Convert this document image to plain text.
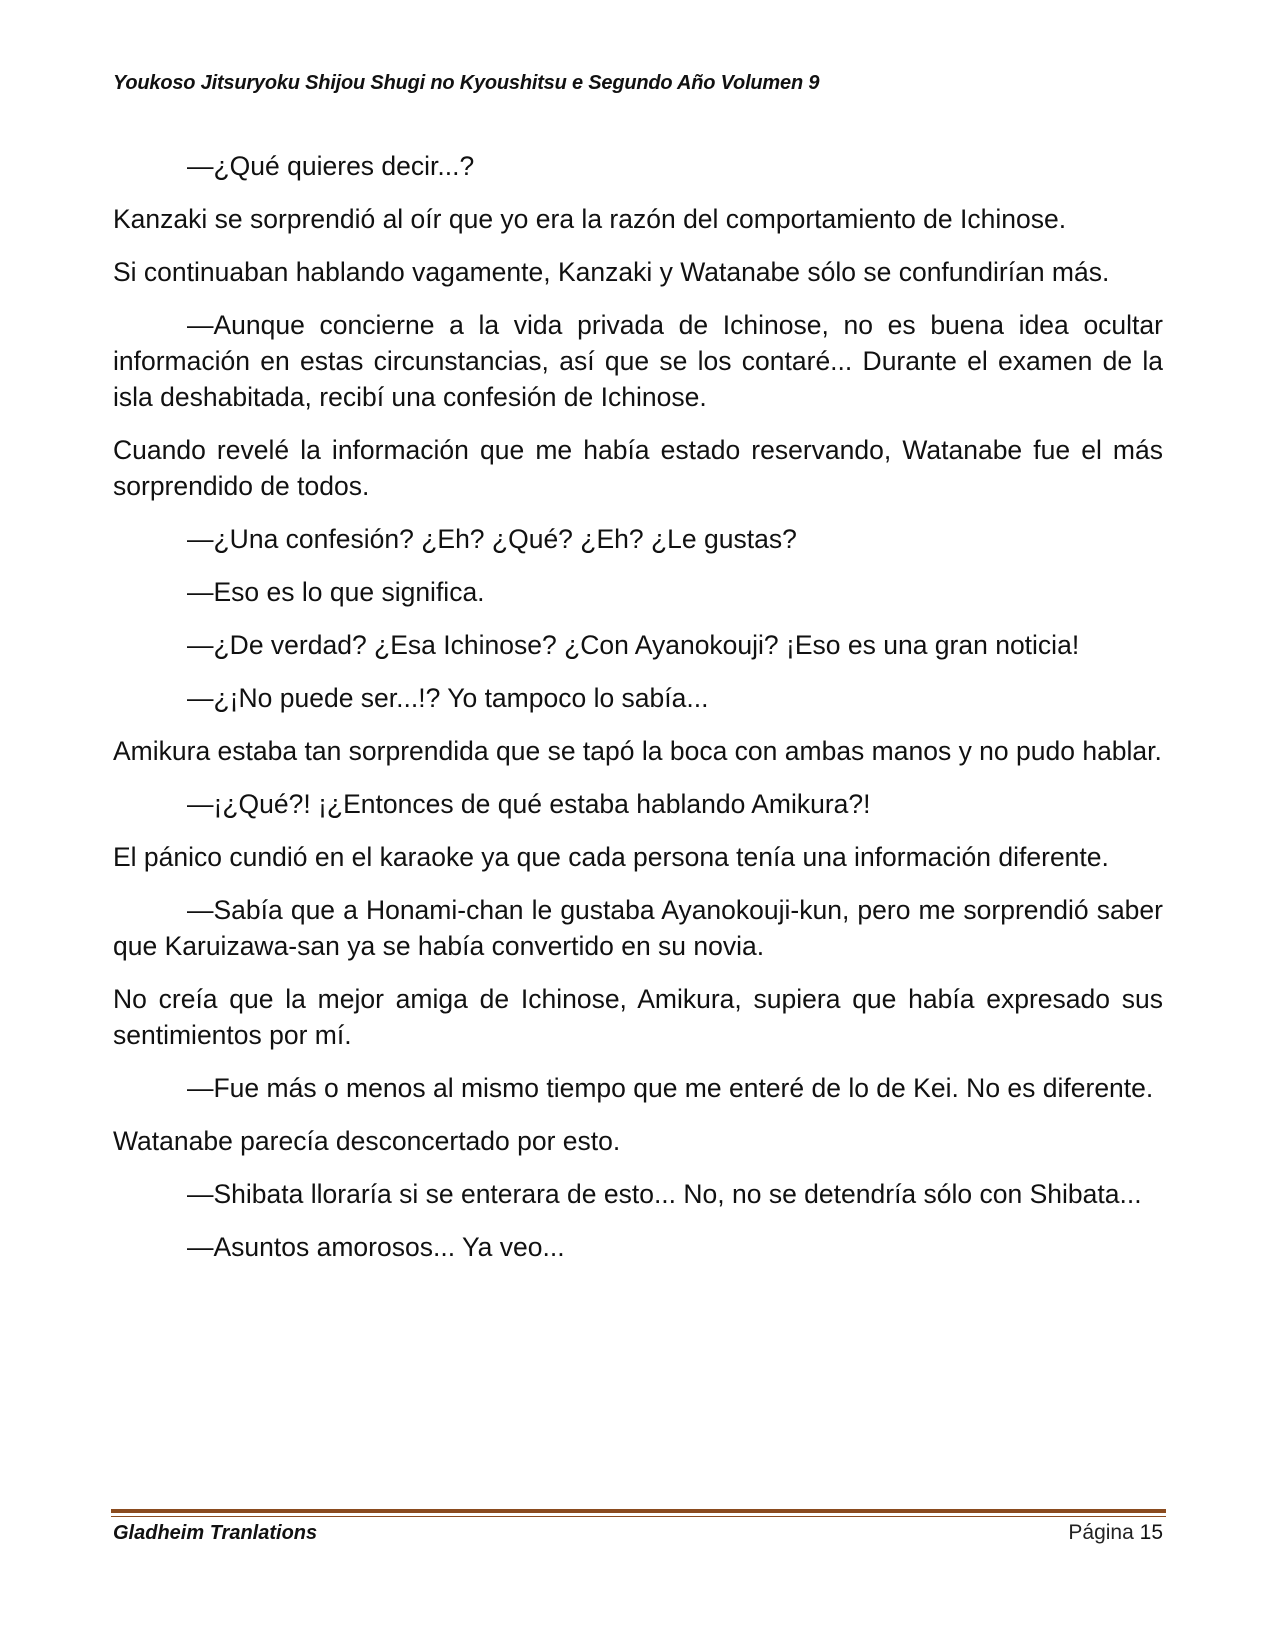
Youkoso Jitsuryoku Shijou Shugi no Kyoushitsu e Segundo Año Volumen 9

—¿Qué quieres decir...?

Kanzaki se sorprendió al oír que yo era la razón del comportamiento de Ichinose.

Si continuaban hablando vagamente, Kanzaki y Watanabe sólo se confundirían más.

—Aunque concierne a la vida privada de Ichinose, no es buena idea ocultar información en estas circunstancias, así que se los contaré... Durante el examen de la isla deshabitada, recibí una confesión de Ichinose.

Cuando revelé la información que me había estado reservando, Watanabe fue el más sorprendido de todos.

—¿Una confesión? ¿Eh? ¿Qué? ¿Eh? ¿Le gustas?

—Eso es lo que significa.

—¿De verdad? ¿Esa Ichinose? ¿Con Ayanokouji? ¡Eso es una gran noticia!

—¿¡No puede ser...!? Yo tampoco lo sabía...

Amikura estaba tan sorprendida que se tapó la boca con ambas manos y no pudo hablar.

—¡¿Qué?! ¡¿Entonces de qué estaba hablando Amikura?!

El pánico cundió en el karaoke ya que cada persona tenía una información diferente.

—Sabía que a Honami-chan le gustaba Ayanokouji-kun, pero me sorprendió saber que Karuizawa-san ya se había convertido en su novia.

No creía que la mejor amiga de Ichinose, Amikura, supiera que había expresado sus sentimientos por mí.

—Fue más o menos al mismo tiempo que me enteré de lo de Kei. No es diferente.

Watanabe parecía desconcertado por esto.

—Shibata lloraría si se enterara de esto... No, no se detendría sólo con Shibata...

—Asuntos amorosos... Ya veo...

Gladheim Tranlations	Página 15
